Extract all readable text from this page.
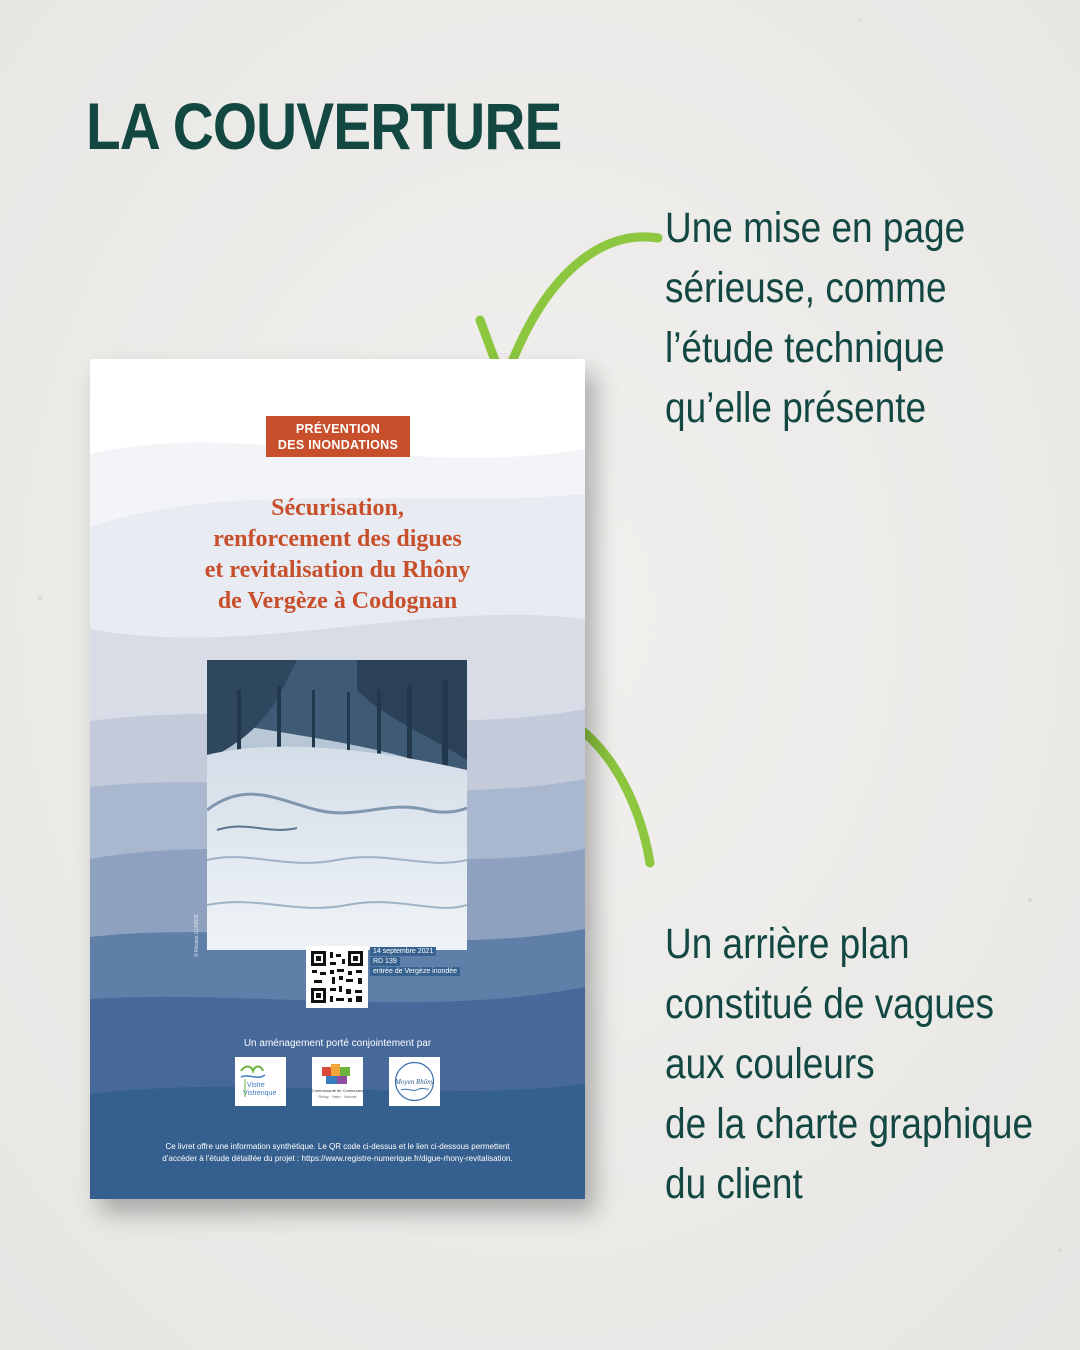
LA COUVERTURE
Une mise en page
sérieuse, comme
l’étude technique
qu’elle présente
Un arrière plan
constitué de vagues
aux couleurs
de la charte graphique
du client
PRÉVENTION
DES INONDATIONS
Sécurisation,
renforcement des digues
et revitalisation du Rhôny
de Vergèze à Codognan
© Nicolas CLARDE	14 septembre 2021
RD 139
entrée de Vergèze inondée
Un aménagement porté conjointement par
Vistre
Vistrenque	Communauté de Communes
Rhôny · Vistre · Vidourle
Moyen Rhôny
Ce livret offre une information synthétique. Le QR code ci-dessus et le lien ci-dessous permettent
d’accéder à l’étude détaillée du projet : https://www.registre-numerique.fr/digue-rhony-revitalisation.
